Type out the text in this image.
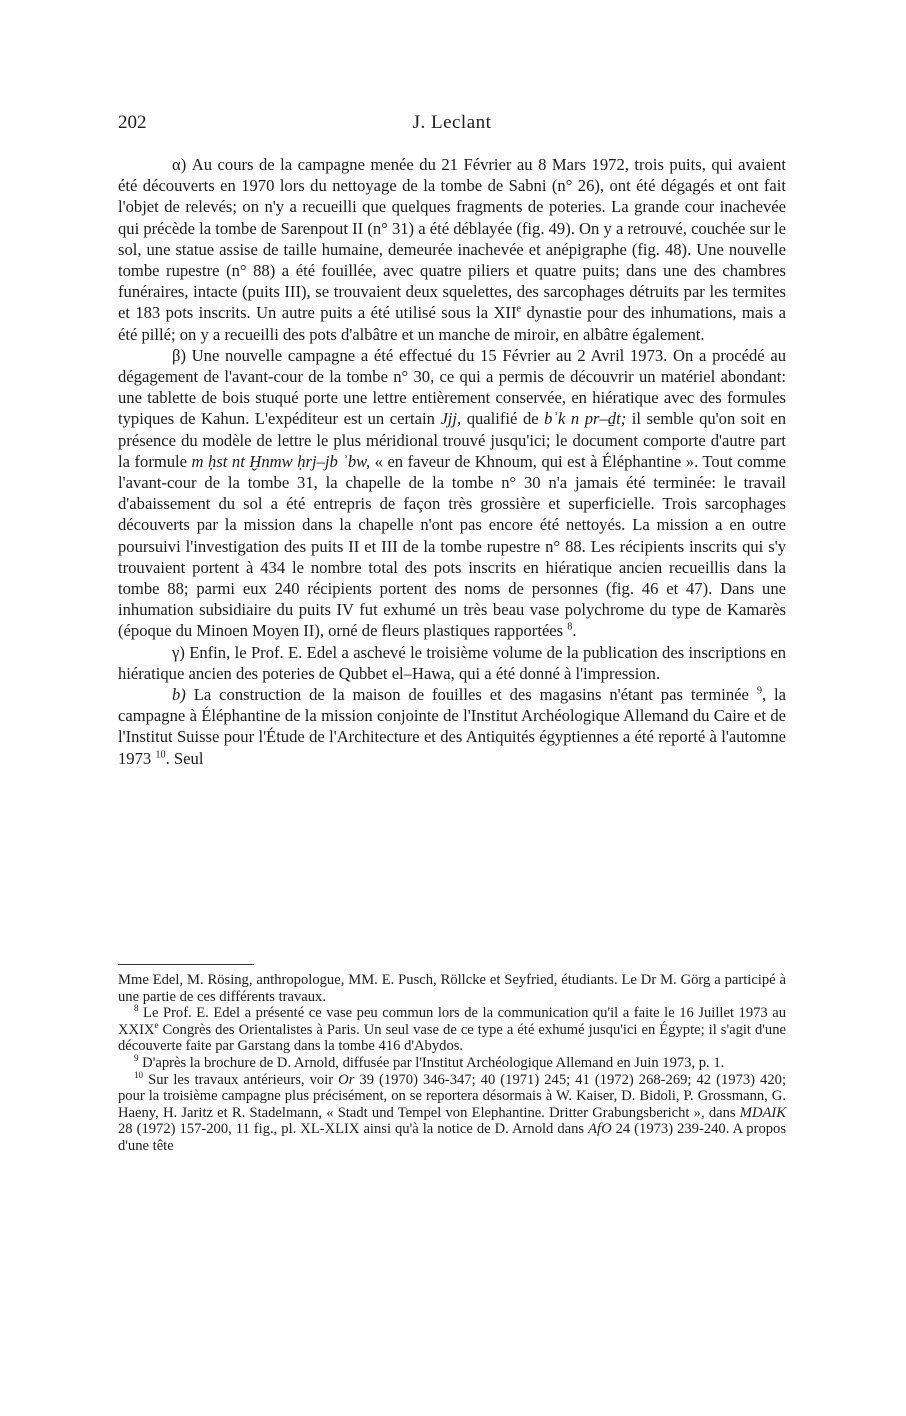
202	J. Leclant

α) Au cours de la campagne menée du 21 Février au 8 Mars 1972, trois puits, qui avaient été découverts en 1970 lors du nettoyage de la tombe de Sabni (n° 26), ont été dégagés et ont fait l'objet de relevés; on n'y a recueilli que quelques fragments de poteries. La grande cour inachevée qui précède la tombe de Sarenpout II (n° 31) a été déblayée (fig. 49). On y a retrouvé, couchée sur le sol, une statue assise de taille humaine, demeurée inachevée et anépigraphe (fig. 48). Une nouvelle tombe rupestre (n° 88) a été fouillée, avec quatre piliers et quatre puits; dans une des chambres funéraires, intacte (puits III), se trouvaient deux squelettes, des sarcophages détruits par les termites et 183 pots inscrits. Un autre puits a été utilisé sous la XIIe dynastie pour des inhumations, mais a été pillé; on y a recueilli des pots d'albâtre et un manche de miroir, en albâtre également.

β) Une nouvelle campagne a été effectué du 15 Février au 2 Avril 1973. On a procédé au dégagement de l'avant-cour de la tombe n° 30, ce qui a permis de découvrir un matériel abondant: une tablette de bois stuqué porte une lettre entièrement conservée, en hiératique avec des formules typiques de Kahun. L'expéditeur est un certain Jjj, qualifié de bʾk n pr–ḏt; il semble qu'on soit en présence du modèle de lettre le plus méridional trouvé jusqu'ici; le document comporte d'autre part la formule m ḥst nt Ḫnmw ḥrj–jb ʾbw, « en faveur de Khnoum, qui est à Éléphantine ». Tout comme l'avant-cour de la tombe 31, la chapelle de la tombe n° 30 n'a jamais été terminée: le travail d'abaissement du sol a été entrepris de façon très grossière et superficielle. Trois sarcophages découverts par la mission dans la chapelle n'ont pas encore été nettoyés. La mission a en outre poursuivi l'investigation des puits II et III de la tombe rupestre n° 88. Les récipients inscrits qui s'y trouvaient portent à 434 le nombre total des pots inscrits en hiératique ancien recueillis dans la tombe 88; parmi eux 240 récipients portent des noms de personnes (fig. 46 et 47). Dans une inhumation subsidiaire du puits IV fut exhumé un très beau vase polychrome du type de Kamarès (époque du Minoen Moyen II), orné de fleurs plastiques rapportées $^8$.

γ) Enfin, le Prof. E. Edel a aschevé le troisième volume de la publication des inscriptions en hiératique ancien des poteries de Qubbet el–Hawa, qui a été donné à l'impression.

b) La construction de la maison de fouilles et des magasins n'étant pas terminée $^9$, la campagne à Éléphantine de la mission conjointe de l'Institut Archéologique Allemand du Caire et de l'Institut Suisse pour l'Étude de l'Architecture et des Antiquités égyptiennes a été reporté à l'automne 1973 $^{10}$. Seul

Mme Edel, M. Rösing, anthropologue, MM. E. Pusch, Röllcke et Seyfried, étudiants. Le Dr M. Görg a participé à une partie de ces différents travaux.

$^8$ Le Prof. E. Edel a présenté ce vase peu commun lors de la communication qu'il a faite le 16 Juillet 1973 au XXIXe Congrès des Orientalistes à Paris. Un seul vase de ce type a été exhumé jusqu'ici en Égypte; il s'agit d'une découverte faite par Garstang dans la tombe 416 d'Abydos.

$^9$ D'après la brochure de D. Arnold, diffusée par l'Institut Archéologique Allemand en Juin 1973, p. 1.

$^{10}$ Sur les travaux antérieurs, voir Or 39 (1970) 346-347; 40 (1971) 245; 41 (1972) 268-269; 42 (1973) 420; pour la troisième campagne plus précisément, on se reportera désormais à W. Kaiser, D. Bidoli, P. Grossmann, G. Haeny, H. Jaritz et R. Stadelmann, « Stadt und Tempel von Elephantine. Dritter Grabungsbericht », dans MDAIK 28 (1972) 157-200, 11 fig., pl. XL-XLIX ainsi qu'à la notice de D. Arnold dans AfO 24 (1973) 239-240. A propos d'une tête
